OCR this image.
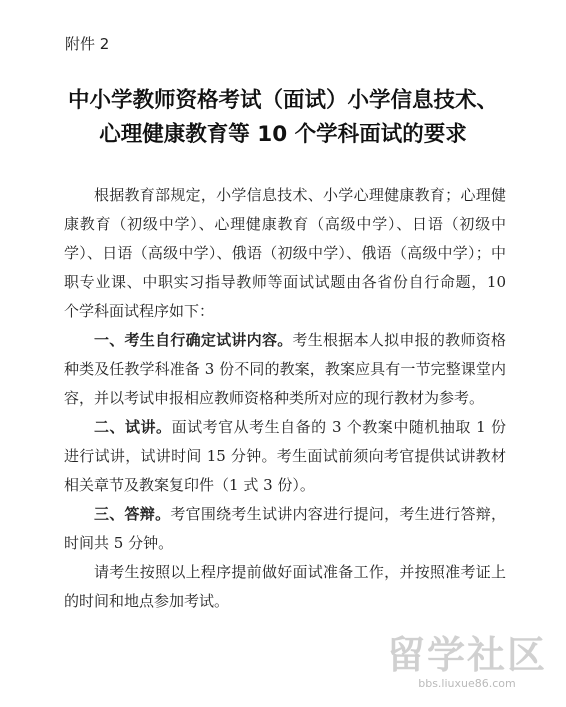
附件 2
中小学教师资格考试（面试）小学信息技术、
心理健康教育等 10 个学科面试的要求

根据教育部规定，小学信息技术、小学心理健康教育；心理健康教育（初级中学）、心理健康教育（高级中学）、日语（初级中学）、日语（高级中学）、俄语（初级中学）、俄语（高级中学）；中职专业课、中职实习指导教师等面试试题由各省份自行命题，10 个学科面试程序如下：

一、考生自行确定试讲内容。考生根据本人拟申报的教师资格种类及任教学科准备 3 份不同的教案，教案应具有一节完整课堂内容，并以考试申报相应教师资格种类所对应的现行教材为参考。

二、试讲。面试考官从考生自备的 3 个教案中随机抽取 1 份进行试讲，试讲时间 15 分钟。考生面试前须向考官提供试讲教材相关章节及教案复印件（1 式 3 份）。

三、答辩。考官围绕考生试讲内容进行提问，考生进行答辩，时间共 5 分钟。

请考生按照以上程序提前做好面试准备工作，并按照准考证上的时间和地点参加考试。

留学社区
bbs.liuxue86.com
